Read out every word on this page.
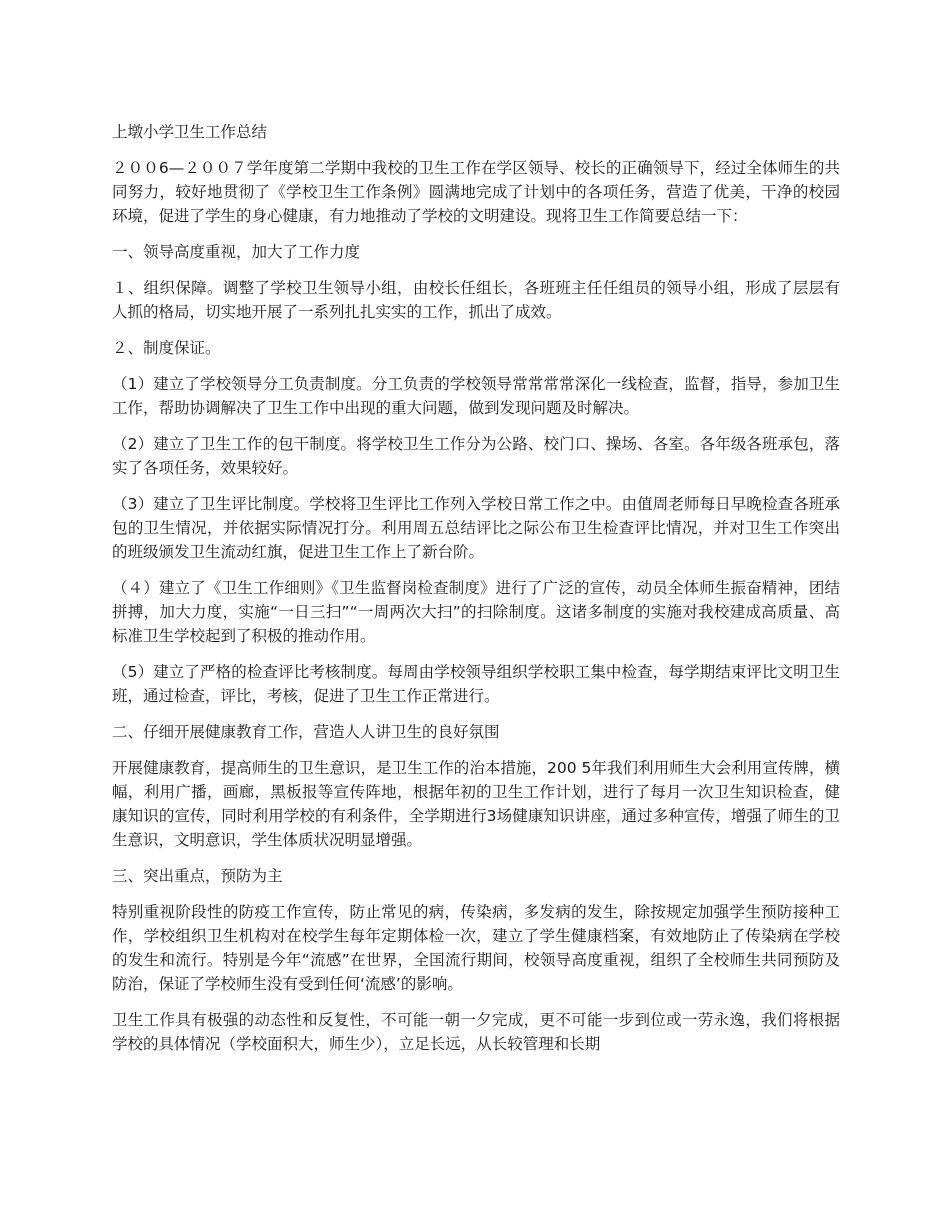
上墩小学卫生工作总结

２００6—２００７学年度第二学期中我校的卫生工作在学区领导、校长的正确领导下，经过全体师生的共同努力，较好地贯彻了《学校卫生工作条例》圆满地完成了计划中的各项任务，营造了优美，干净的校园环境，促进了学生的身心健康，有力地推动了学校的文明建设。现将卫生工作简要总结一下：

一、领导高度重视，加大了工作力度

１、组织保障。调整了学校卫生领导小组，由校长任组长，各班班主任任组员的领导小组，形成了层层有人抓的格局，切实地开展了一系列扎扎实实的工作，抓出了成效。

２、制度保证。

（1）建立了学校领导分工负责制度。分工负责的学校领导常常常常深化一线检查，监督，指导，参加卫生工作，帮助协调解决了卫生工作中出现的重大问题，做到发现问题及时解决。

（2）建立了卫生工作的包干制度。将学校卫生工作分为公路、校门口、操场、各室。各年级各班承包，落实了各项任务，效果较好。

（3）建立了卫生评比制度。学校将卫生评比工作列入学校日常工作之中。由值周老师每日早晚检查各班承包的卫生情况，并依据实际情况打分。利用周五总结评比之际公布卫生检查评比情况，并对卫生工作突出的班级颁发卫生流动红旗，促进卫生工作上了新台阶。

（４）建立了《卫生工作细则》《卫生监督岗检查制度》进行了广泛的宣传，动员全体师生振奋精神，团结拼搏，加大力度，实施“一日三扫”“一周两次大扫”的扫除制度。这诸多制度的实施对我校建成高质量、高标准卫生学校起到了积极的推动作用。

（5）建立了严格的检查评比考核制度。每周由学校领导组织学校职工集中检查，每学期结束评比文明卫生班，通过检查，评比，考核，促进了卫生工作正常进行。

二、仔细开展健康教育工作，营造人人讲卫生的良好氛围

开展健康教育，提高师生的卫生意识，是卫生工作的治本措施，200 5年我们利用师生大会利用宣传牌，横幅，利用广播，画廊，黑板报等宣传阵地，根据年初的卫生工作计划，进行了每月一次卫生知识检查，健康知识的宣传，同时利用学校的有利条件，全学期进行3场健康知识讲座，通过多种宣传，增强了师生的卫生意识，文明意识，学生体质状况明显增强。

三、突出重点，预防为主

特别重视阶段性的防疫工作宣传，防止常见的病，传染病，多发病的发生，除按规定加强学生预防接种工作，学校组织卫生机构对在校学生每年定期体检一次，建立了学生健康档案，有效地防止了传染病在学校的发生和流行。特别是今年“流感”在世界，全国流行期间，校领导高度重视，组织了全校师生共同预防及防治，保证了学校师生没有受到任何‘流感’的影响。

卫生工作具有极强的动态性和反复性，不可能一朝一夕完成，更不可能一步到位或一劳永逸，我们将根据学校的具体情况（学校面积大，师生少），立足长远，从长较管理和长期
